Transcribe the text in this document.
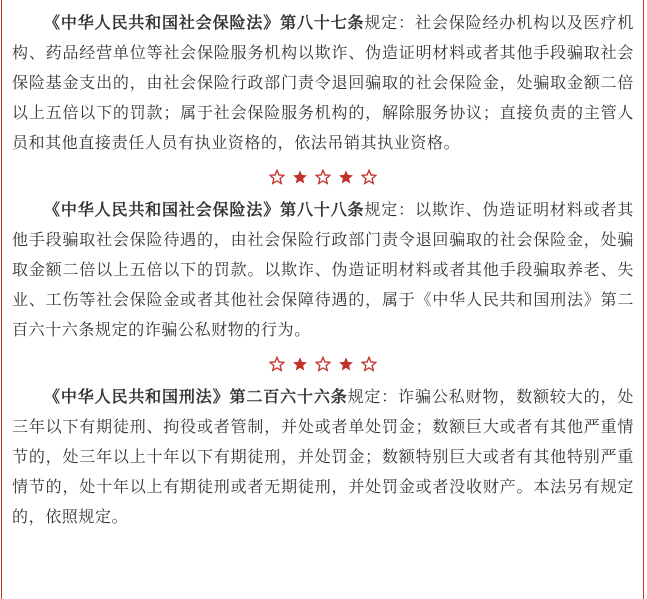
《中华人民共和国社会保险法》第八十七条规定：社会保险经办机构以及医疗机构、药品经营单位等社会保险服务机构以欺诈、伪造证明材料或者其他手段骗取社会保险基金支出的，由社会保险行政部门责令退回骗取的社会保险金，处骗取金额二倍以上五倍以下的罚款；属于社会保险服务机构的，解除服务协议；直接负责的主管人员和其他直接责任人员有执业资格的，依法吊销其执业资格。

《中华人民共和国社会保险法》第八十八条规定：以欺诈、伪造证明材料或者其他手段骗取社会保险待遇的，由社会保险行政部门责令退回骗取的社会保险金，处骗取金额二倍以上五倍以下的罚款。以欺诈、伪造证明材料或者其他手段骗取养老、失业、工伤等社会保险金或者其他社会保障待遇的，属于《中华人民共和国刑法》第二百六十六条规定的诈骗公私财物的行为。

《中华人民共和国刑法》第二百六十六条规定：诈骗公私财物，数额较大的，处三年以下有期徒刑、拘役或者管制，并处或者单处罚金；数额巨大或者有其他严重情节的，处三年以上十年以下有期徒刑，并处罚金；数额特别巨大或者有其他特别严重情节的，处十年以上有期徒刑或者无期徒刑，并处罚金或者没收财产。本法另有规定的，依照规定。
